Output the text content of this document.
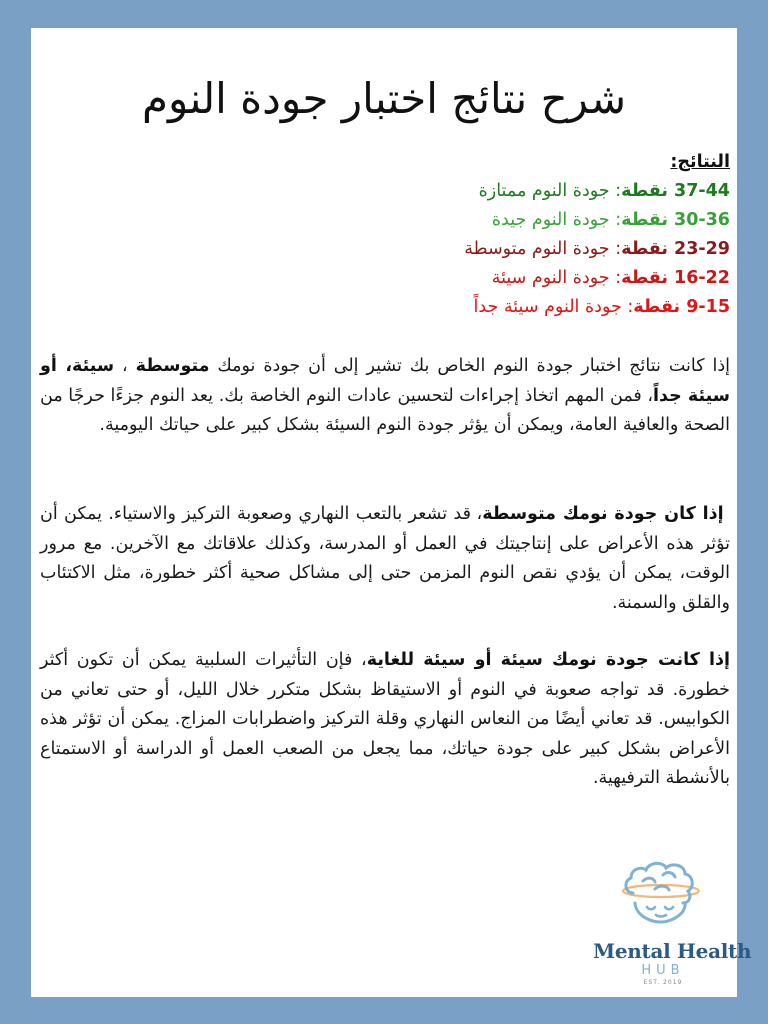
شرح نتائج اختبار جودة النوم
النتائج:
37-44 نقطة: جودة النوم ممتازة
30-36 نقطة: جودة النوم جيدة
23-29 نقطة: جودة النوم متوسطة
16-22 نقطة: جودة النوم سيئة
9-15 نقطة: جودة النوم سيئة جداً

إذا كانت نتائج اختبار جودة النوم الخاص بك تشير إلى أن جودة نومك متوسطة ، سيئة، أو سيئة جداً، فمن المهم اتخاذ إجراءات لتحسين عادات النوم الخاصة بك. يعد النوم جزءًا حرجًا من الصحة والعافية العامة، ويمكن أن يؤثر جودة النوم السيئة بشكل كبير على حياتك اليومية.

إذا كان جودة نومك متوسطة، قد تشعر بالتعب النهاري وصعوبة التركيز والاستياء. يمكن أن تؤثر هذه الأعراض على إنتاجيتك في العمل أو المدرسة، وكذلك علاقاتك مع الآخرين. مع مرور الوقت، يمكن أن يؤدي نقص النوم المزمن حتى إلى مشاكل صحية أكثر خطورة، مثل الاكتئاب والقلق والسمنة.

إذا كانت جودة نومك سيئة أو سيئة للغاية، فإن التأثيرات السلبية يمكن أن تكون أكثر خطورة. قد تواجه صعوبة في النوم أو الاستيقاظ بشكل متكرر خلال الليل، أو حتى تعاني من الكوابيس. قد تعاني أيضًا من النعاس النهاري وقلة التركيز واضطرابات المزاج. يمكن أن تؤثر هذه الأعراض بشكل كبير على جودة حياتك، مما يجعل من الصعب العمل أو الدراسة أو الاستمتاع بالأنشطة الترفيهية.

Mental Health
HUB
EST. 2019
